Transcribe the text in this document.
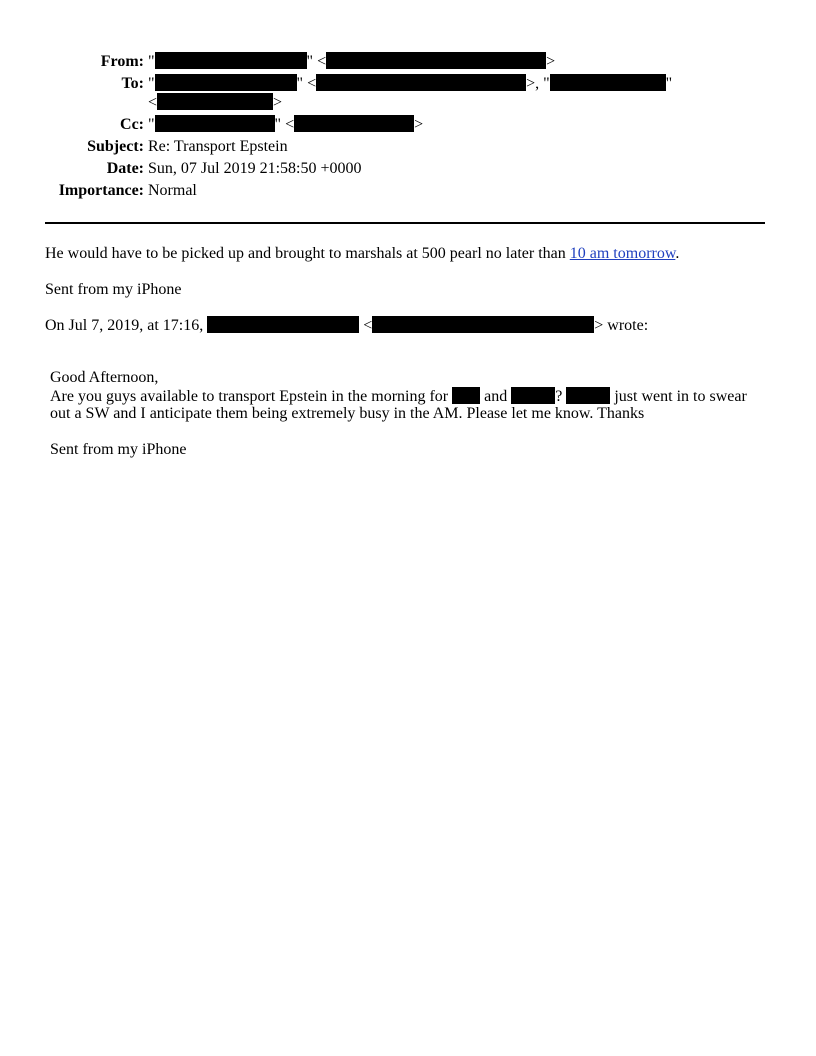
From: "	" <	>
To: "	" <	>, "	"
<	>
Cc: "	" <	>
Subject: Re: Transport Epstein
Date: Sun, 07 Jul 2019 21:58:50 +0000
Importance: Normal
He would have to be picked up and brought to marshals at 500 pearl no later than 10 am tomorrow.
Sent from my iPhone
On Jul 7, 2019, at 17:16,	<	> wrote:
Good Afternoon,
Are you guys available to transport Epstein in the morning for and	?	just went in to swear
out a SW and I anticipate them being extremely busy in the AM. Please let me know. Thanks
Sent from my iPhone
